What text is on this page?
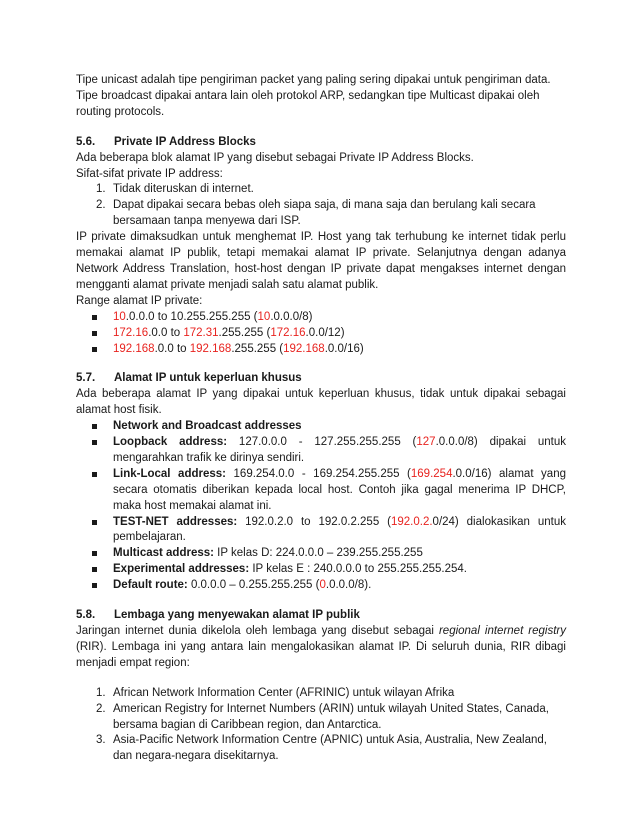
Tipe unicast adalah tipe pengiriman packet yang paling sering dipakai untuk pengiriman data.

Tipe broadcast dipakai antara lain oleh protokol ARP, sedangkan tipe Multicast dipakai oleh

routing protocols.

5.6. Private IP Address Blocks

Ada beberapa blok alamat IP yang disebut sebagai Private IP Address Blocks.

Sifat-sifat private IP address:

1. Tidak diteruskan di internet.
2. Dapat dipakai secara bebas oleh siapa saja, di mana saja dan berulang kali secara bersamaan tanpa menyewa dari ISP.

IP private dimaksudkan untuk menghemat IP. Host yang tak terhubung ke internet tidak perlu memakai alamat IP publik, tetapi memakai alamat IP private. Selanjutnya dengan adanya Network Address Translation, host-host dengan IP private dapat mengakses internet dengan mengganti alamat private menjadi salah satu alamat publik.

Range alamat IP private:

10.0.0.0 to 10.255.255.255 (10.0.0.0/8)
172.16.0.0 to 172.31.255.255 (172.16.0.0/12)
192.168.0.0 to 192.168.255.255 (192.168.0.0/16)

5.7. Alamat IP untuk keperluan khusus

Ada beberapa alamat IP yang dipakai untuk keperluan khusus, tidak untuk dipakai sebagai alamat host fisik.

Network and Broadcast addresses
Loopback address: 127.0.0.0 - 127.255.255.255 (127.0.0.0/8) dipakai untuk mengarahkan trafik ke dirinya sendiri.
Link-Local address: 169.254.0.0 - 169.254.255.255 (169.254.0.0/16) alamat yang secara otomatis diberikan kepada local host. Contoh jika gagal menerima IP DHCP, maka host memakai alamat ini.
TEST-NET addresses: 192.0.2.0 to 192.0.2.255 (192.0.2.0/24) dialokasikan untuk pembelajaran.
Multicast address: IP kelas D: 224.0.0.0 – 239.255.255.255
Experimental addresses: IP kelas E : 240.0.0.0 to 255.255.255.254.
Default route: 0.0.0.0 – 0.255.255.255 (0.0.0.0/8).

5.8. Lembaga yang menyewakan alamat IP publik

Jaringan internet dunia dikelola oleh lembaga yang disebut sebagai regional internet registry (RIR). Lembaga ini yang antara lain mengalokasikan alamat IP. Di seluruh dunia, RIR dibagi menjadi empat region:

1. African Network Information Center (AFRINIC) untuk wilayan Afrika
2. American Registry for Internet Numbers (ARIN) untuk wilayah United States, Canada, bersama bagian di Caribbean region, dan Antarctica.
3. Asia-Pacific Network Information Centre (APNIC) untuk Asia, Australia, New Zealand, dan negara-negara disekitarnya.
